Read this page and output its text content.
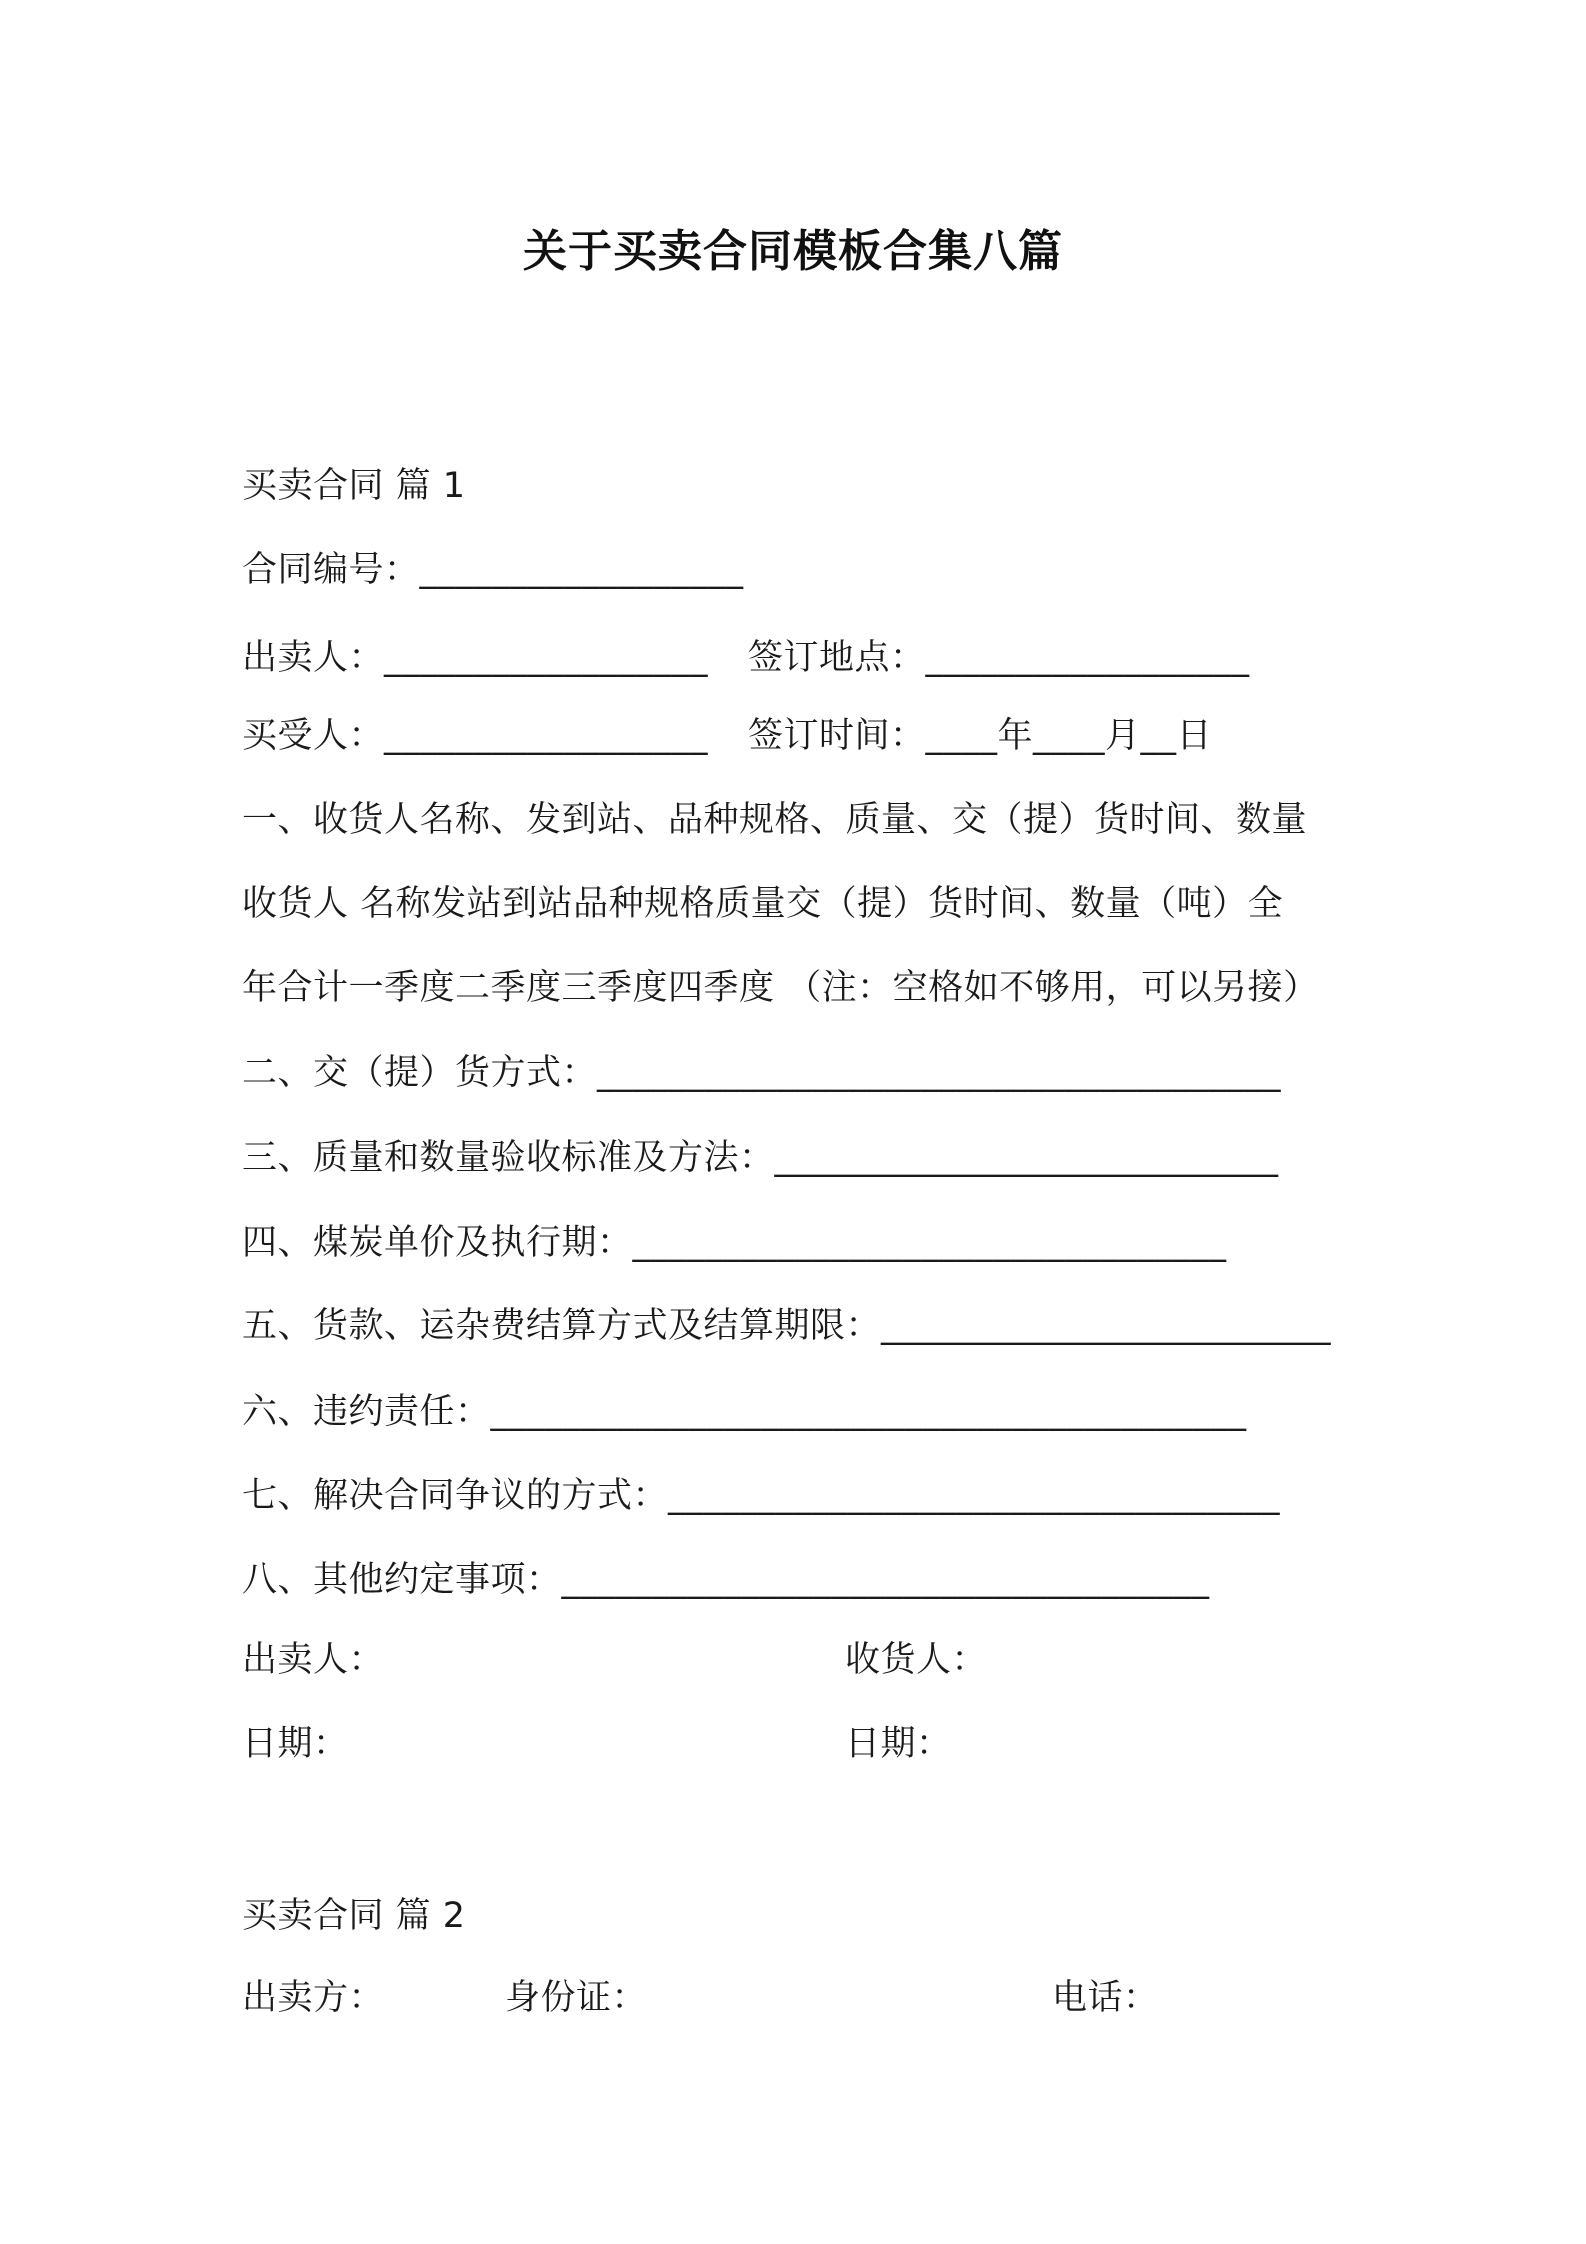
关于买卖合同模板合集八篇
买卖合同 篇 1
合同编号：__________________
出卖人：__________________ 签订地点：__________________
买受人：__________________ 签订时间：____年____月__日
一、收货人名称、发到站、品种规格、质量、交（提）货时间、数量
收货人 名称发站到站品种规格质量交（提）货时间、数量（吨）全
年合计一季度二季度三季度四季度 （注：空格如不够用，可以另接）
二、交（提）货方式：______________________________________
三、质量和数量验收标准及方法：____________________________
四、煤炭单价及执行期：_________________________________
五、货款、运杂费结算方式及结算期限：_________________________
六、违约责任：__________________________________________
七、解决合同争议的方式：__________________________________
八、其他约定事项：____________________________________
出卖人：	收货人：
日期：	日期：
买卖合同 篇 2
出卖方：	身份证：	电话：
